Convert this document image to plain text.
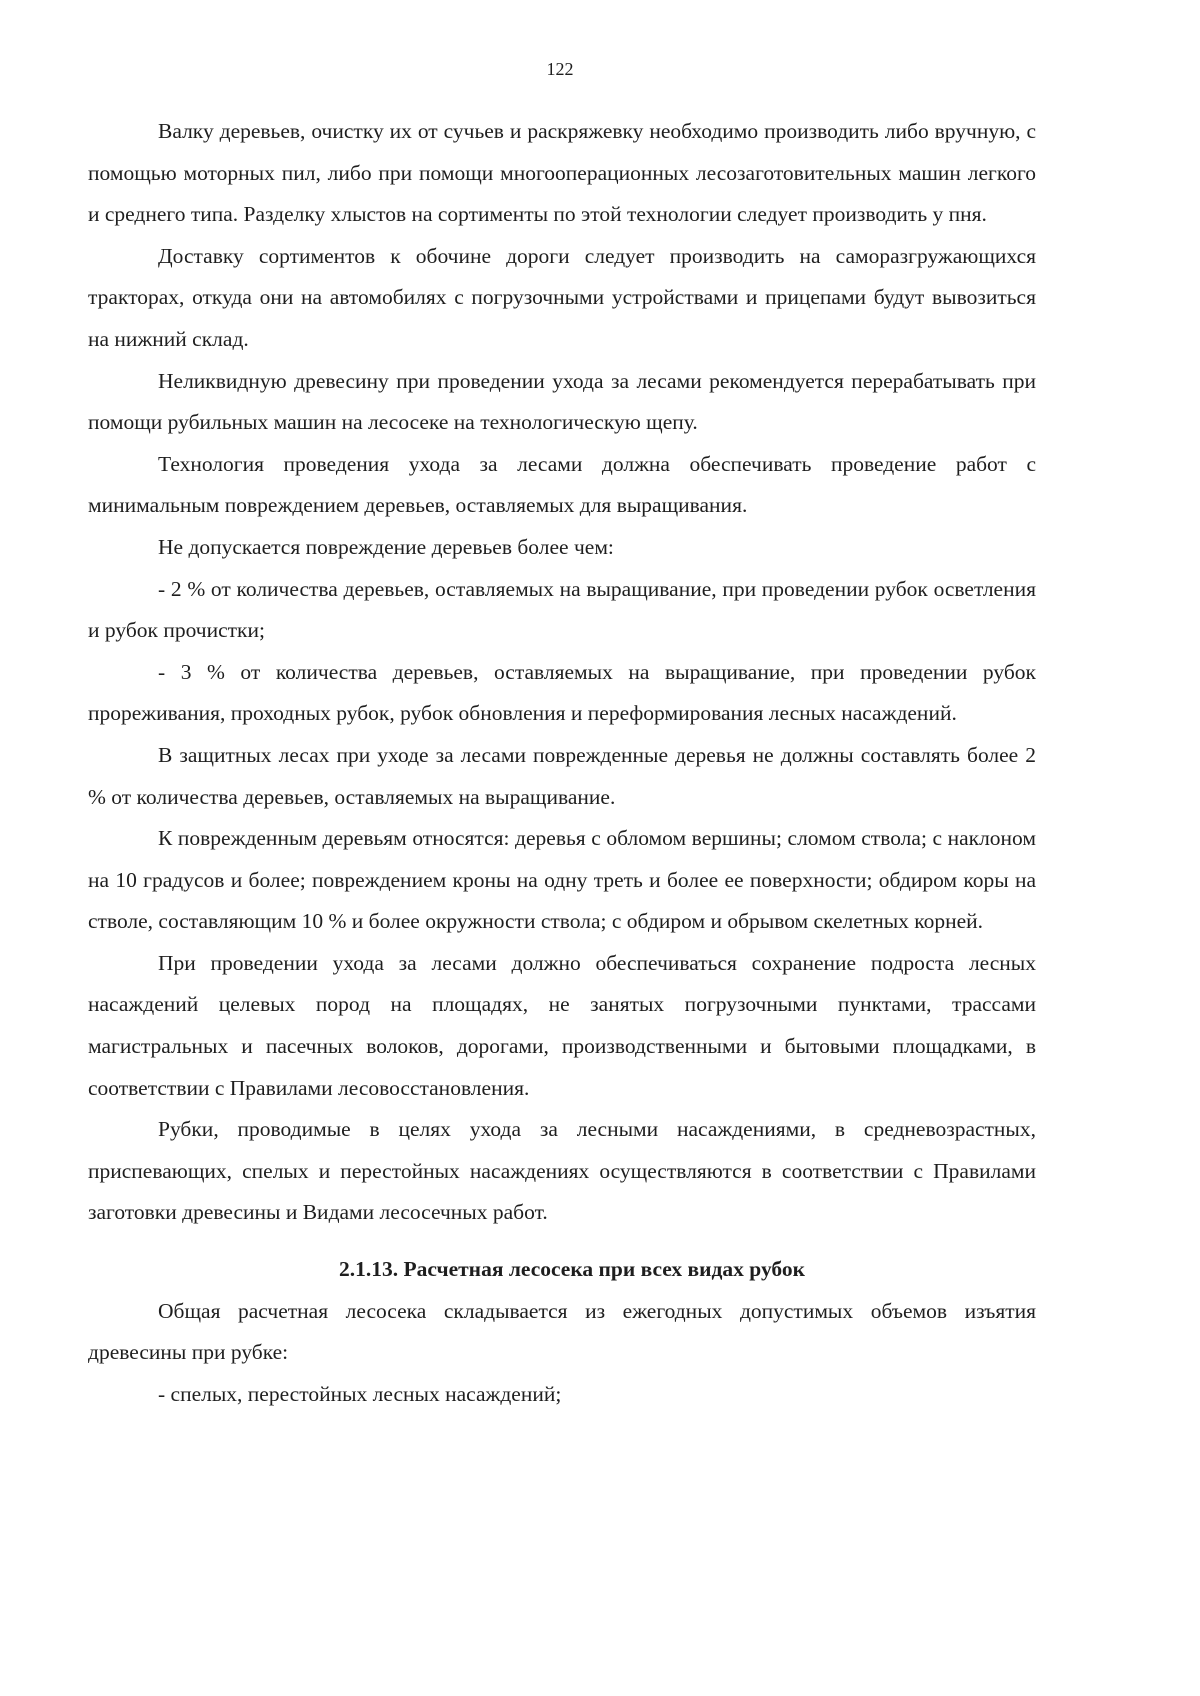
122

Валку деревьев, очистку их от сучьев и раскряжевку необходимо производить либо вручную, с помощью моторных пил, либо при помощи многооперационных лесозаготовительных машин легкого и среднего типа. Разделку хлыстов на сортименты по этой технологии следует производить у пня.

Доставку сортиментов к обочине дороги следует производить на саморазгружающихся тракторах, откуда они на автомобилях с погрузочными устройствами и прицепами будут вывозиться на нижний склад.

Неликвидную древесину при проведении ухода за лесами рекомендуется перерабатывать при помощи рубильных машин на лесосеке на технологическую щепу.

Технология проведения ухода за лесами должна обеспечивать проведение работ с минимальным повреждением деревьев, оставляемых для выращивания.

Не допускается повреждение деревьев более чем:

- 2 % от количества деревьев, оставляемых на выращивание, при проведении рубок осветления и рубок прочистки;

- 3 % от количества деревьев, оставляемых на выращивание, при проведении рубок прореживания, проходных рубок, рубок обновления и переформирования лесных насаждений.

В защитных лесах при уходе за лесами поврежденные деревья не должны составлять более 2 % от количества деревьев, оставляемых на выращивание.

К поврежденным деревьям относятся: деревья с обломом вершины; сломом ствола; с наклоном на 10 градусов и более; повреждением кроны на одну треть и более ее поверхности; обдиром коры на стволе, составляющим 10 % и более окружности ствола; с обдиром и обрывом скелетных корней.

При проведении ухода за лесами должно обеспечиваться сохранение подроста лесных насаждений целевых пород на площадях, не занятых погрузочными пунктами, трассами магистральных и пасечных волоков, дорогами, производственными и бытовыми площадками, в соответствии с Правилами лесовосстановления.

Рубки, проводимые в целях ухода за лесными насаждениями, в средневозрастных, приспевающих, спелых и перестойных насаждениях осуществляются в соответствии с Правилами заготовки древесины и Видами лесосечных работ.

2.1.13. Расчетная лесосека при всех видах рубок

Общая расчетная лесосека складывается из ежегодных допустимых объемов изъятия древесины при рубке:

- спелых, перестойных лесных насаждений;
